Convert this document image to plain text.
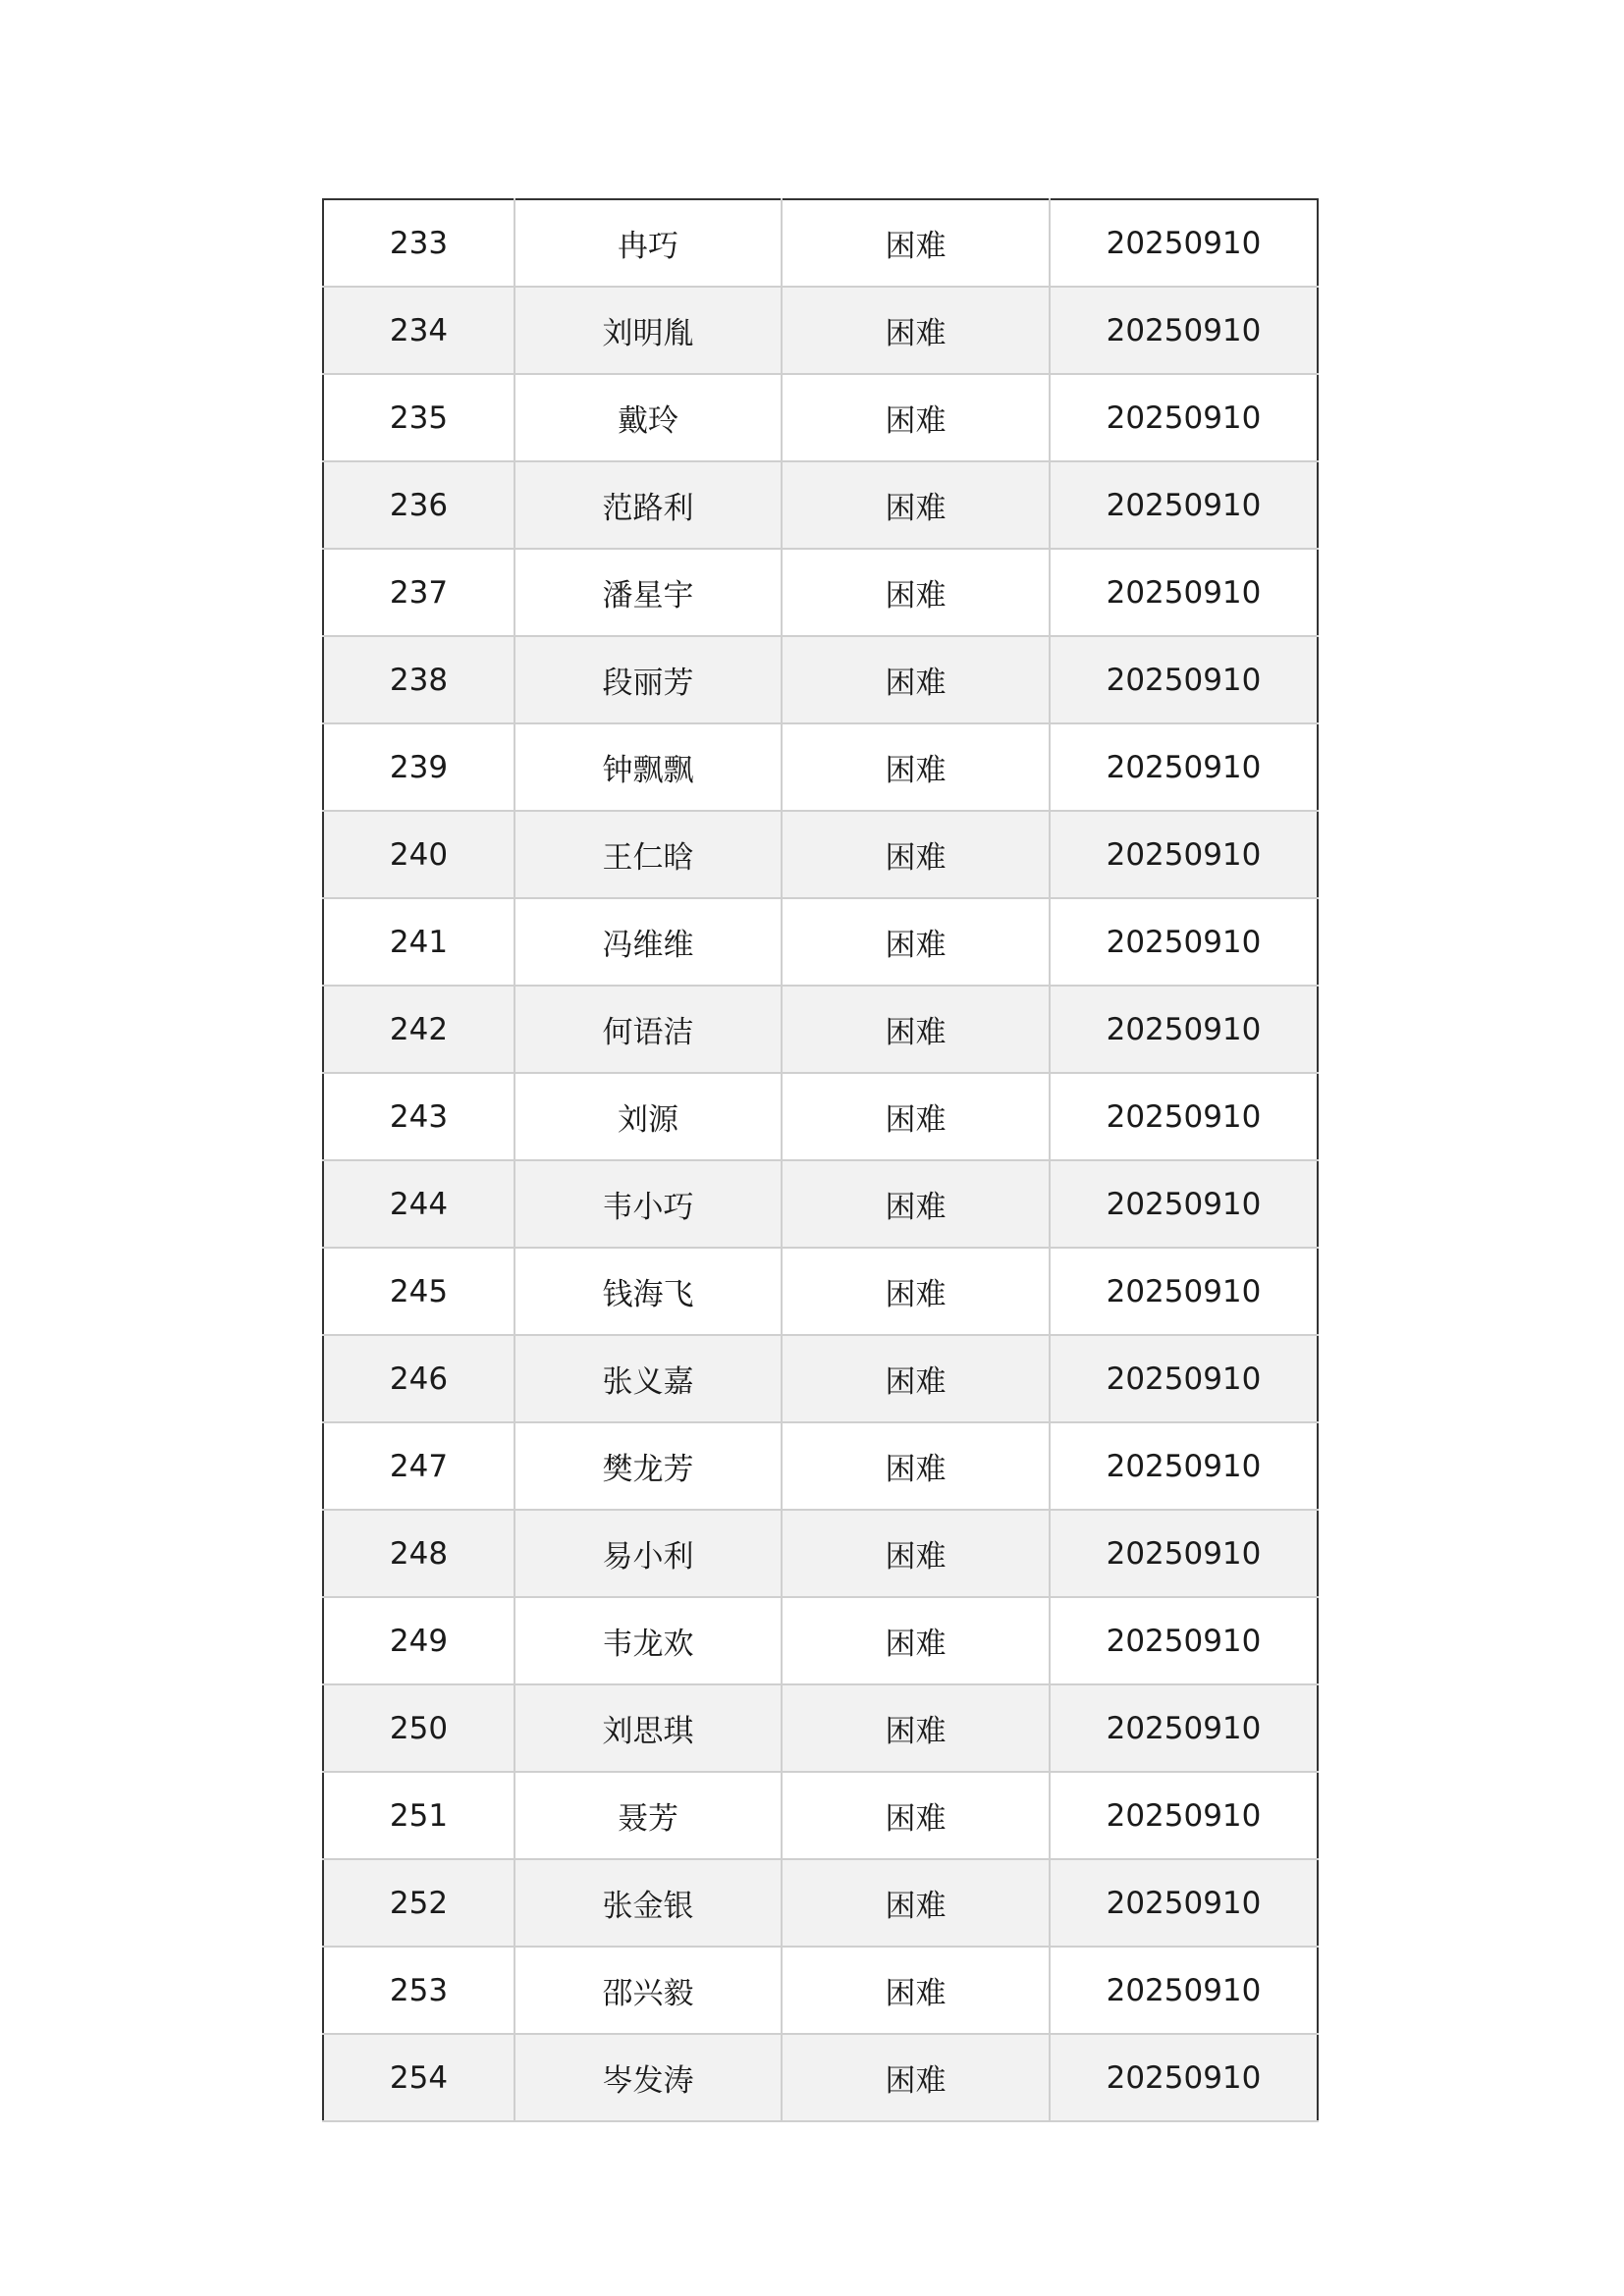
233	冉巧	困难	20250910
234	刘明胤	困难	20250910
235	戴玲	困难	20250910
236	范路利	困难	20250910
237	潘星宇	困难	20250910
238	段丽芳	困难	20250910
239	钟飘飘	困难	20250910
240	王仁晗	困难	20250910
241	冯维维	困难	20250910
242	何语洁	困难	20250910
243	刘源	困难	20250910
244	韦小巧	困难	20250910
245	钱海飞	困难	20250910
246	张义嘉	困难	20250910
247	樊龙芳	困难	20250910
248	易小利	困难	20250910
249	韦龙欢	困难	20250910
250	刘思琪	困难	20250910
251	聂芳	困难	20250910
252	张金银	困难	20250910
253	邵兴毅	困难	20250910
254	岑发涛	困难	20250910
